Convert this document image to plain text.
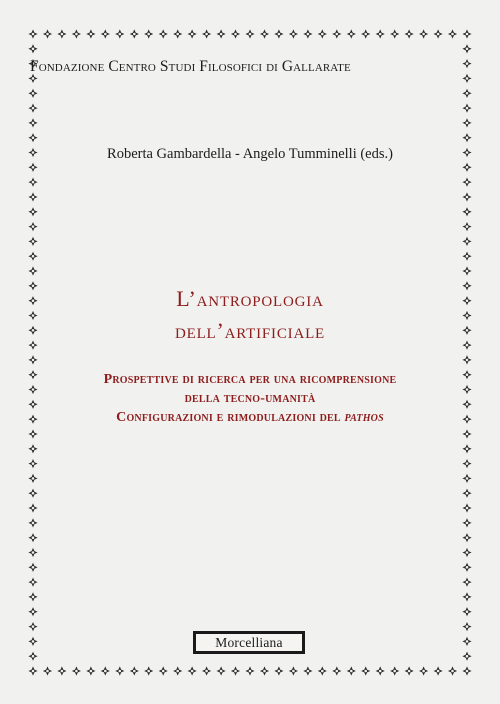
Fondazione Centro Studi Filosofici di Gallarate

Roberta Gambardella - Angelo Tumminelli (eds.)

L’antropologia

dell’artificiale

Prospettive di ricerca per una ricomprensione

della tecno-umanità

Configurazioni e rimodulazioni del pathos

Morcelliana
